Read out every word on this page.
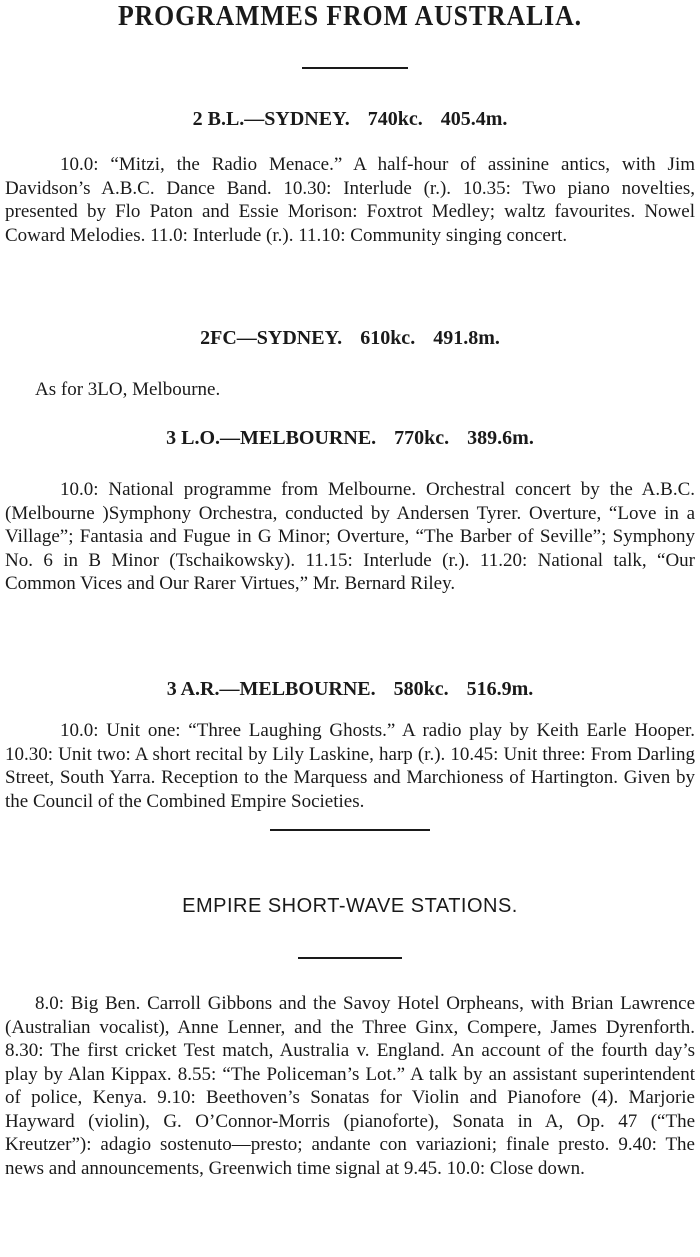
PROGRAMMES FROM AUSTRALIA.
2 B.L.—SYDNEY. 740kc. 405.4m.

10.0: “Mitzi, the Radio Menace.” A half-hour of assinine antics, with Jim Davidson’s A.B.C. Dance Band. 10.30: Interlude (r.). 10.35: Two piano novelties, presented by Flo Paton and Essie Morison: Foxtrot Medley; waltz favourites. Nowel Coward Melodies. 11.0: Interlude (r.). 11.10: Community singing concert.

2FC—SYDNEY. 610kc. 491.8m.

As for 3LO, Melbourne.

3 L.O.—MELBOURNE. 770kc. 389.6m.

10.0: National programme from Melbourne. Orchestral concert by the A.B.C. (Melbourne )Symphony Orchestra, conducted by Andersen Tyrer. Overture, “Love in a Village”; Fantasia and Fugue in G Minor; Overture, “The Barber of Seville”; Symphony No. 6 in B Minor (Tschaikowsky). 11.15: Interlude (r.). 11.20: National talk, “Our Common Vices and Our Rarer Virtues,” Mr. Bernard Riley.

3 A.R.—MELBOURNE. 580kc. 516.9m.

10.0: Unit one: “Three Laughing Ghosts.” A radio play by Keith Earle Hooper. 10.30: Unit two: A short recital by Lily Laskine, harp (r.). 10.45: Unit three: From Darling Street, South Yarra. Reception to the Marquess and Marchioness of Hartington. Given by the Council of the Combined Empire Societies.

EMPIRE SHORT-WAVE STATIONS.

8.0: Big Ben. Carroll Gibbons and the Savoy Hotel Orpheans, with Brian Lawrence (Australian vocalist), Anne Lenner, and the Three Ginx, Compere, James Dyrenforth. 8.30: The first cricket Test match, Australia v. England. An account of the fourth day’s play by Alan Kippax. 8.55: “The Policeman’s Lot.” A talk by an assistant superintendent of police, Kenya. 9.10: Beethoven’s Sonatas for Violin and Pianofore (4). Marjorie Hayward (violin), G. O’Connor-Morris (pianoforte), Sonata in A, Op. 47 (“The Kreutzer”): adagio sostenuto—presto; andante con variazioni; finale presto. 9.40: The news and announcements, Greenwich time signal at 9.45. 10.0: Close down.
